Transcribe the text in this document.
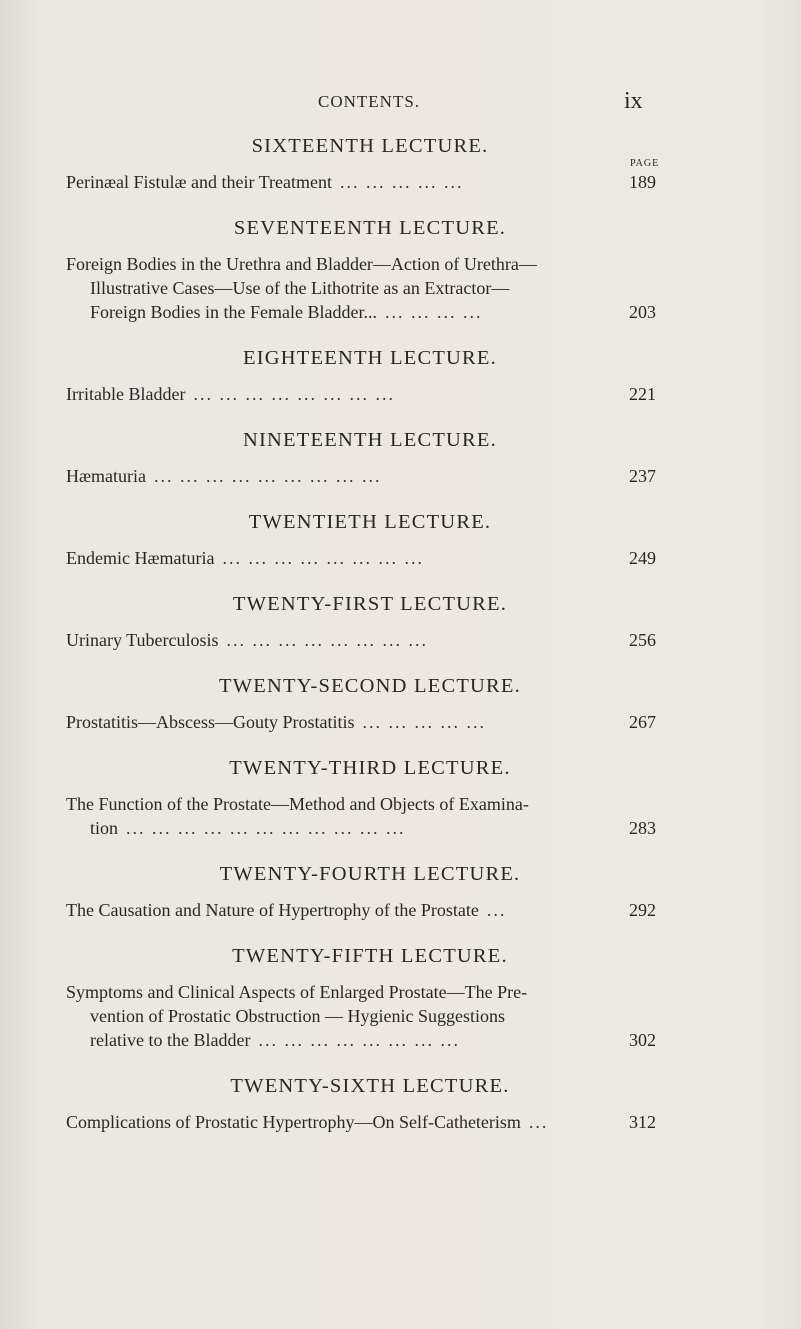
CONTENTS.	ix
PAGE
SIXTEENTH LECTURE.
Perinæal Fistulæ and their Treatment ... ... ... ... ...	189
SEVENTEENTH LECTURE.
Foreign Bodies in the Urethra and Bladder—Action of Urethra—
Illustrative Cases—Use of the Lithotrite as an Extractor—
Foreign Bodies in the Female Bladder... ... ... ... ...	203
EIGHTEENTH LECTURE.
Irritable Bladder ... ... ... ... ... ... ... ...	221
NINETEENTH LECTURE.
Hæmaturia ... ... ... ... ... ... ... ... ...	237
TWENTIETH LECTURE.
Endemic Hæmaturia ... ... ... ... ... ... ... ...	249
TWENTY-FIRST LECTURE.
Urinary Tuberculosis ... ... ... ... ... ... ... ...	256
TWENTY-SECOND LECTURE.
Prostatitis—Abscess—Gouty Prostatitis ... ... ... ... ...	267
TWENTY-THIRD LECTURE.
The Function of the Prostate—Method and Objects of Examina-
tion ... ... ... ... ... ... ... ... ... ... ...	283
TWENTY-FOURTH LECTURE.
The Causation and Nature of Hypertrophy of the Prostate ...	292
TWENTY-FIFTH LECTURE.
Symptoms and Clinical Aspects of Enlarged Prostate—The Pre-
vention of Prostatic Obstruction — Hygienic Suggestions
relative to the Bladder ... ... ... ... ... ... ... ...	302
TWENTY-SIXTH LECTURE.
Complications of Prostatic Hypertrophy—On Self-Catheterism ...	312
